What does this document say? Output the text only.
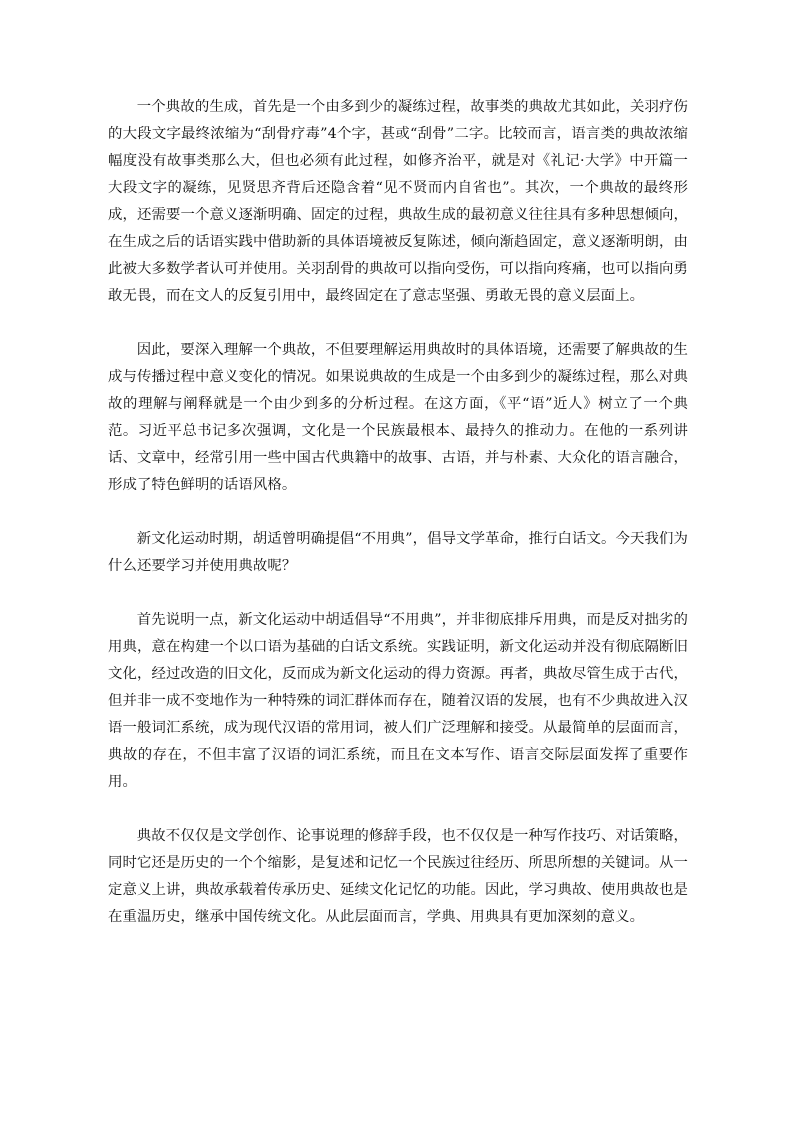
一个典故的生成，首先是一个由多到少的凝练过程，故事类的典故尤其如此，关羽疗伤的大段文字最终浓缩为“刮骨疗毒”4个字，甚或“刮骨”二字。比较而言，语言类的典故浓缩幅度没有故事类那么大，但也必须有此过程，如修齐治平，就是对《礼记·大学》中开篇一大段文字的凝练，见贤思齐背后还隐含着“见不贤而内自省也”。其次，一个典故的最终形成，还需要一个意义逐渐明确、固定的过程，典故生成的最初意义往往具有多种思想倾向，在生成之后的话语实践中借助新的具体语境被反复陈述，倾向渐趋固定，意义逐渐明朗，由此被大多数学者认可并使用。关羽刮骨的典故可以指向受伤，可以指向疼痛，也可以指向勇敢无畏，而在文人的反复引用中，最终固定在了意志坚强、勇敢无畏的意义层面上。

因此，要深入理解一个典故，不但要理解运用典故时的具体语境，还需要了解典故的生成与传播过程中意义变化的情况。如果说典故的生成是一个由多到少的凝练过程，那么对典故的理解与阐释就是一个由少到多的分析过程。在这方面，《平“语”近人》树立了一个典范。习近平总书记多次强调，文化是一个民族最根本、最持久的推动力。在他的一系列讲话、文章中，经常引用一些中国古代典籍中的故事、古语，并与朴素、大众化的语言融合，形成了特色鲜明的话语风格。

新文化运动时期，胡适曾明确提倡“不用典”，倡导文学革命，推行白话文。今天我们为什么还要学习并使用典故呢？

首先说明一点，新文化运动中胡适倡导“不用典”，并非彻底排斥用典，而是反对拙劣的用典，意在构建一个以口语为基础的白话文系统。实践证明，新文化运动并没有彻底隔断旧文化，经过改造的旧文化，反而成为新文化运动的得力资源。再者，典故尽管生成于古代，但并非一成不变地作为一种特殊的词汇群体而存在，随着汉语的发展，也有不少典故进入汉语一般词汇系统，成为现代汉语的常用词，被人们广泛理解和接受。从最简单的层面而言，典故的存在，不但丰富了汉语的词汇系统，而且在文本写作、语言交际层面发挥了重要作用。

典故不仅仅是文学创作、论事说理的修辞手段，也不仅仅是一种写作技巧、对话策略，同时它还是历史的一个个缩影，是复述和记忆一个民族过往经历、所思所想的关键词。从一定意义上讲，典故承载着传承历史、延续文化记忆的功能。因此，学习典故、使用典故也是在重温历史，继承中国传统文化。从此层面而言，学典、用典具有更加深刻的意义。
